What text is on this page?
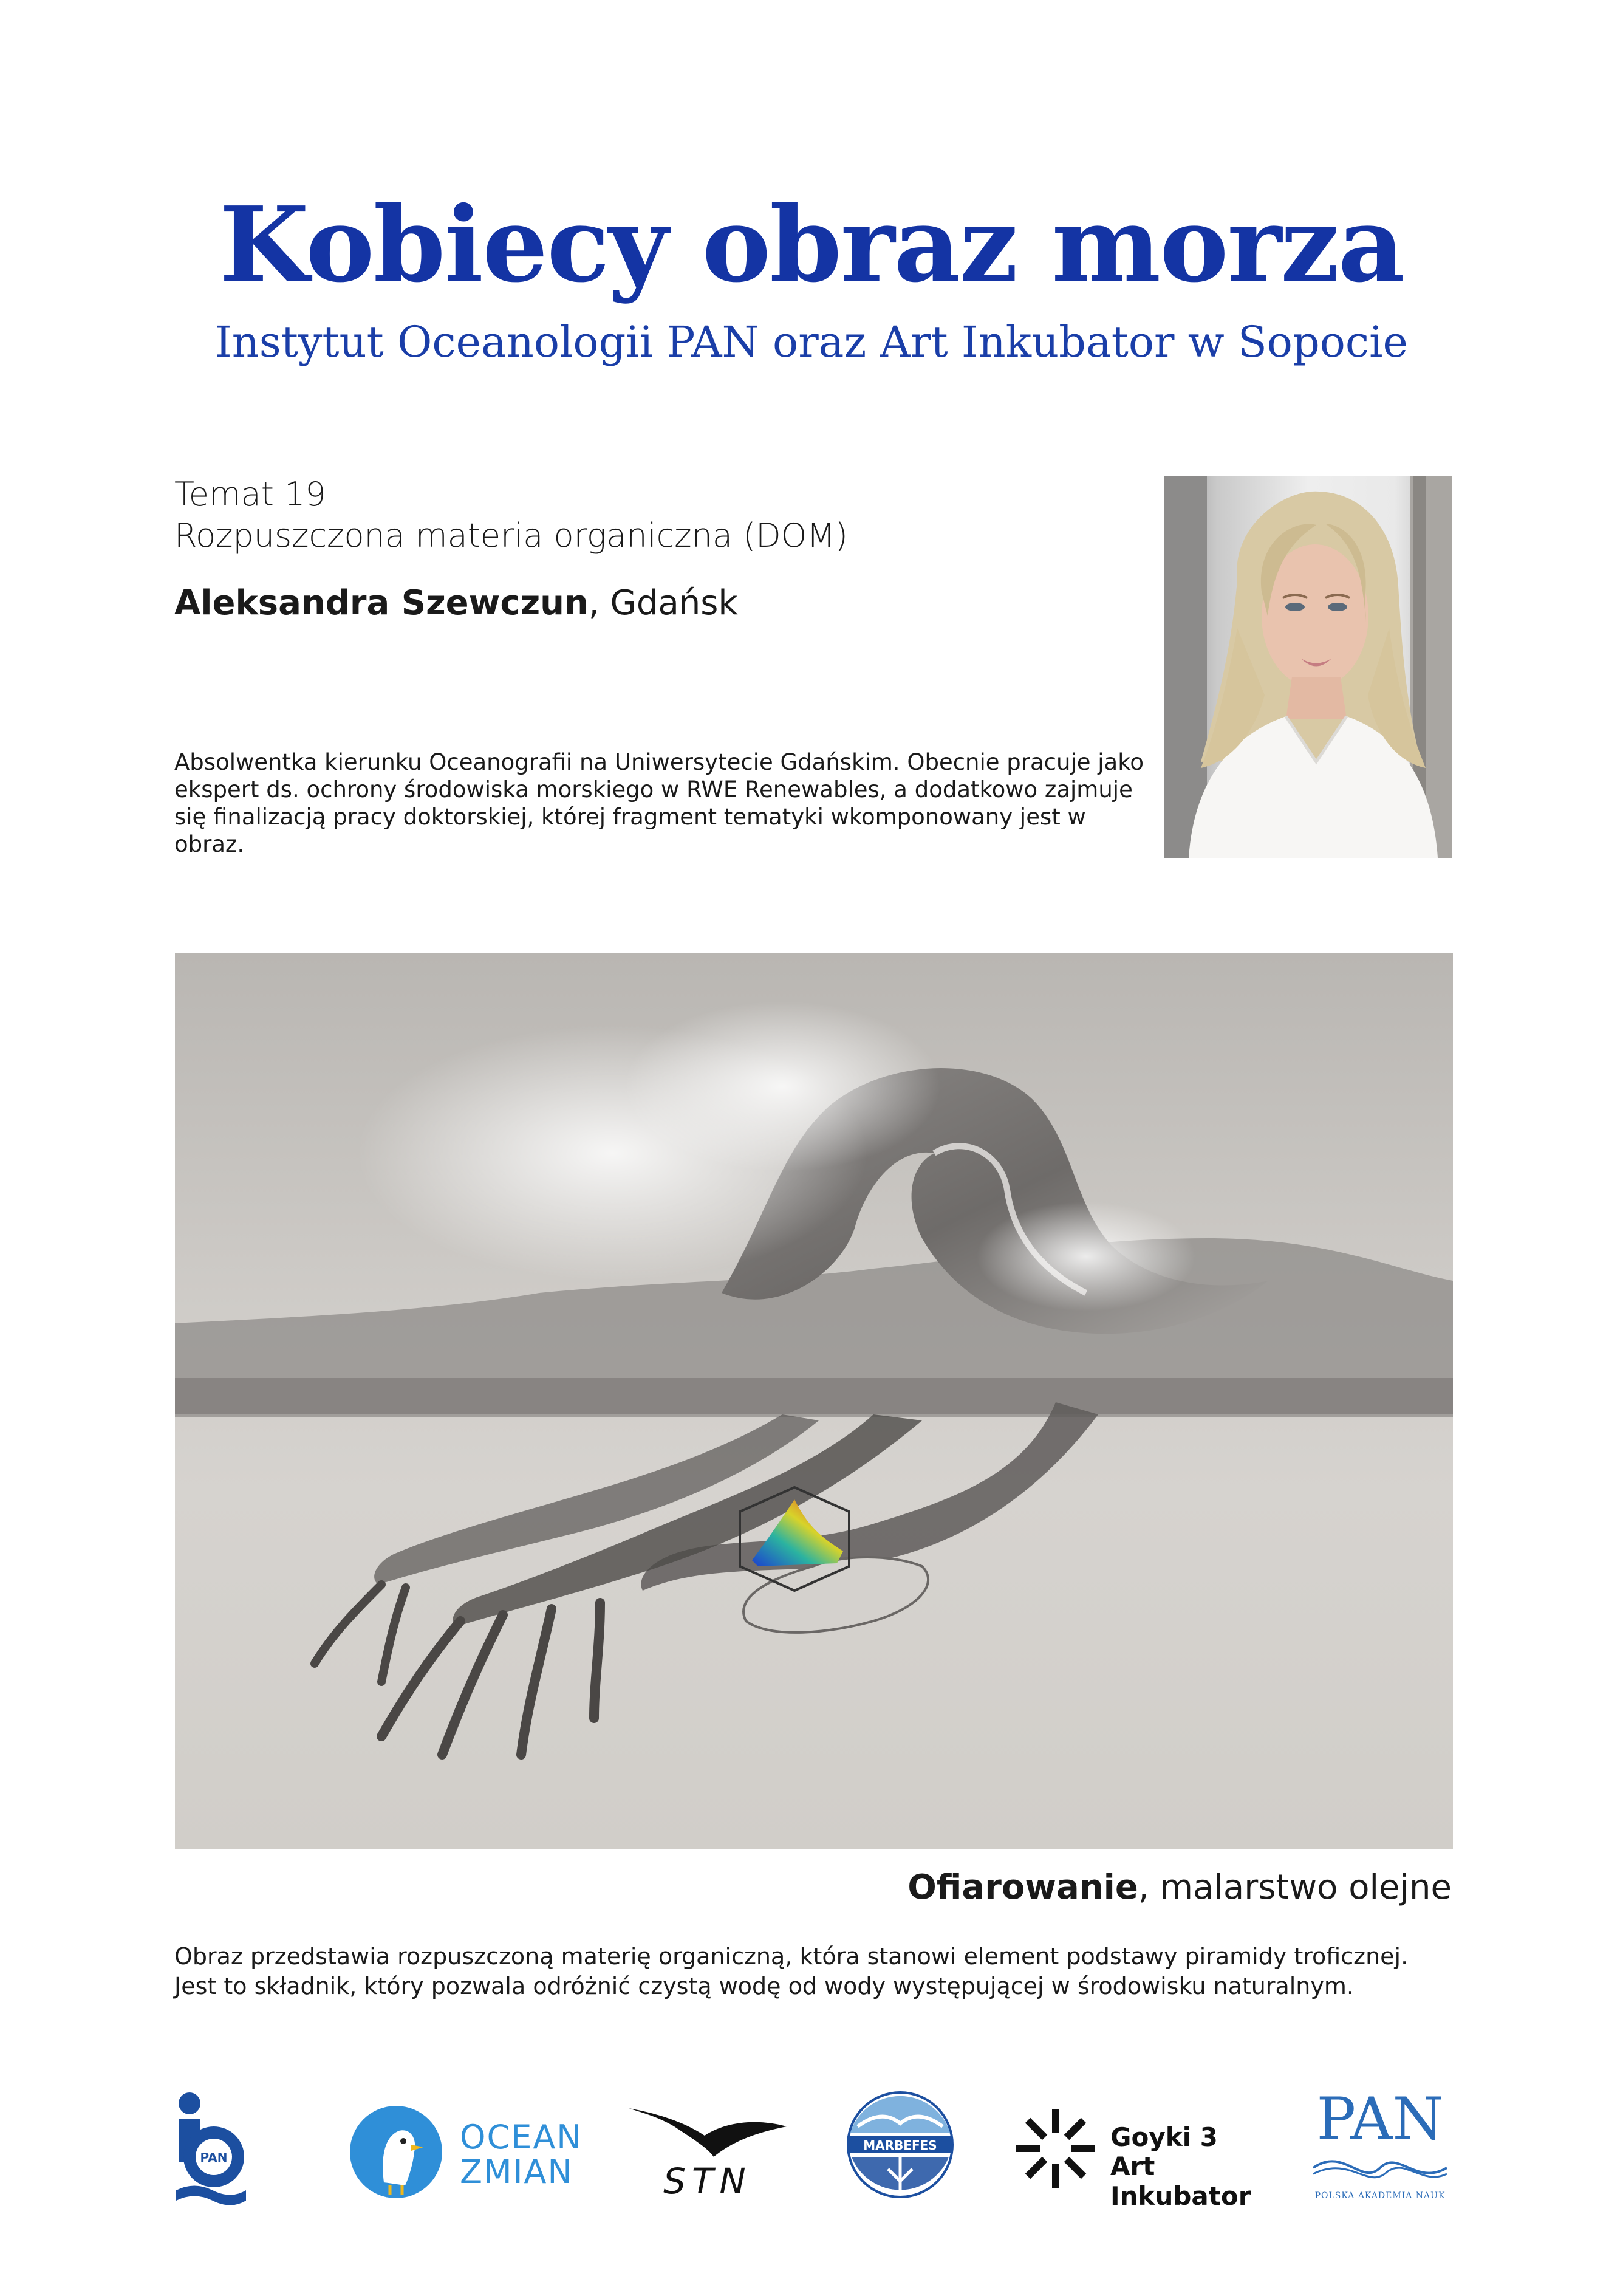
Kobiecy obraz morza
Instytut Oceanologii PAN oraz Art Inkubator w Sopocie
Temat 19
Rozpuszczona materia organiczna (DOM)
Aleksandra Szewczun, Gdańsk
Absolwentka kierunku Oceanografii na Uniwersytecie Gdańskim. Obecnie pracuje jako ekspert ds. ochrony środowiska morskiego w RWE Renewables, a dodatkowo zajmuje się finalizacją pracy doktorskiej, której fragment tematyki wkomponowany jest w obraz.
Ofiarowanie, malarstwo olejne
Obraz przedstawia rozpuszczoną materię organiczną, która stanowi element podstawy piramidy troficznej. Jest to składnik, który pozwala odróżnić czystą wodę od wody występującej w środowisku naturalnym.
PAN
OCEAN
ZMIAN	STN
MARBEFES	Goyki 3
Art Inkubator
PAN
POLSKA AKADEMIA NAUK
